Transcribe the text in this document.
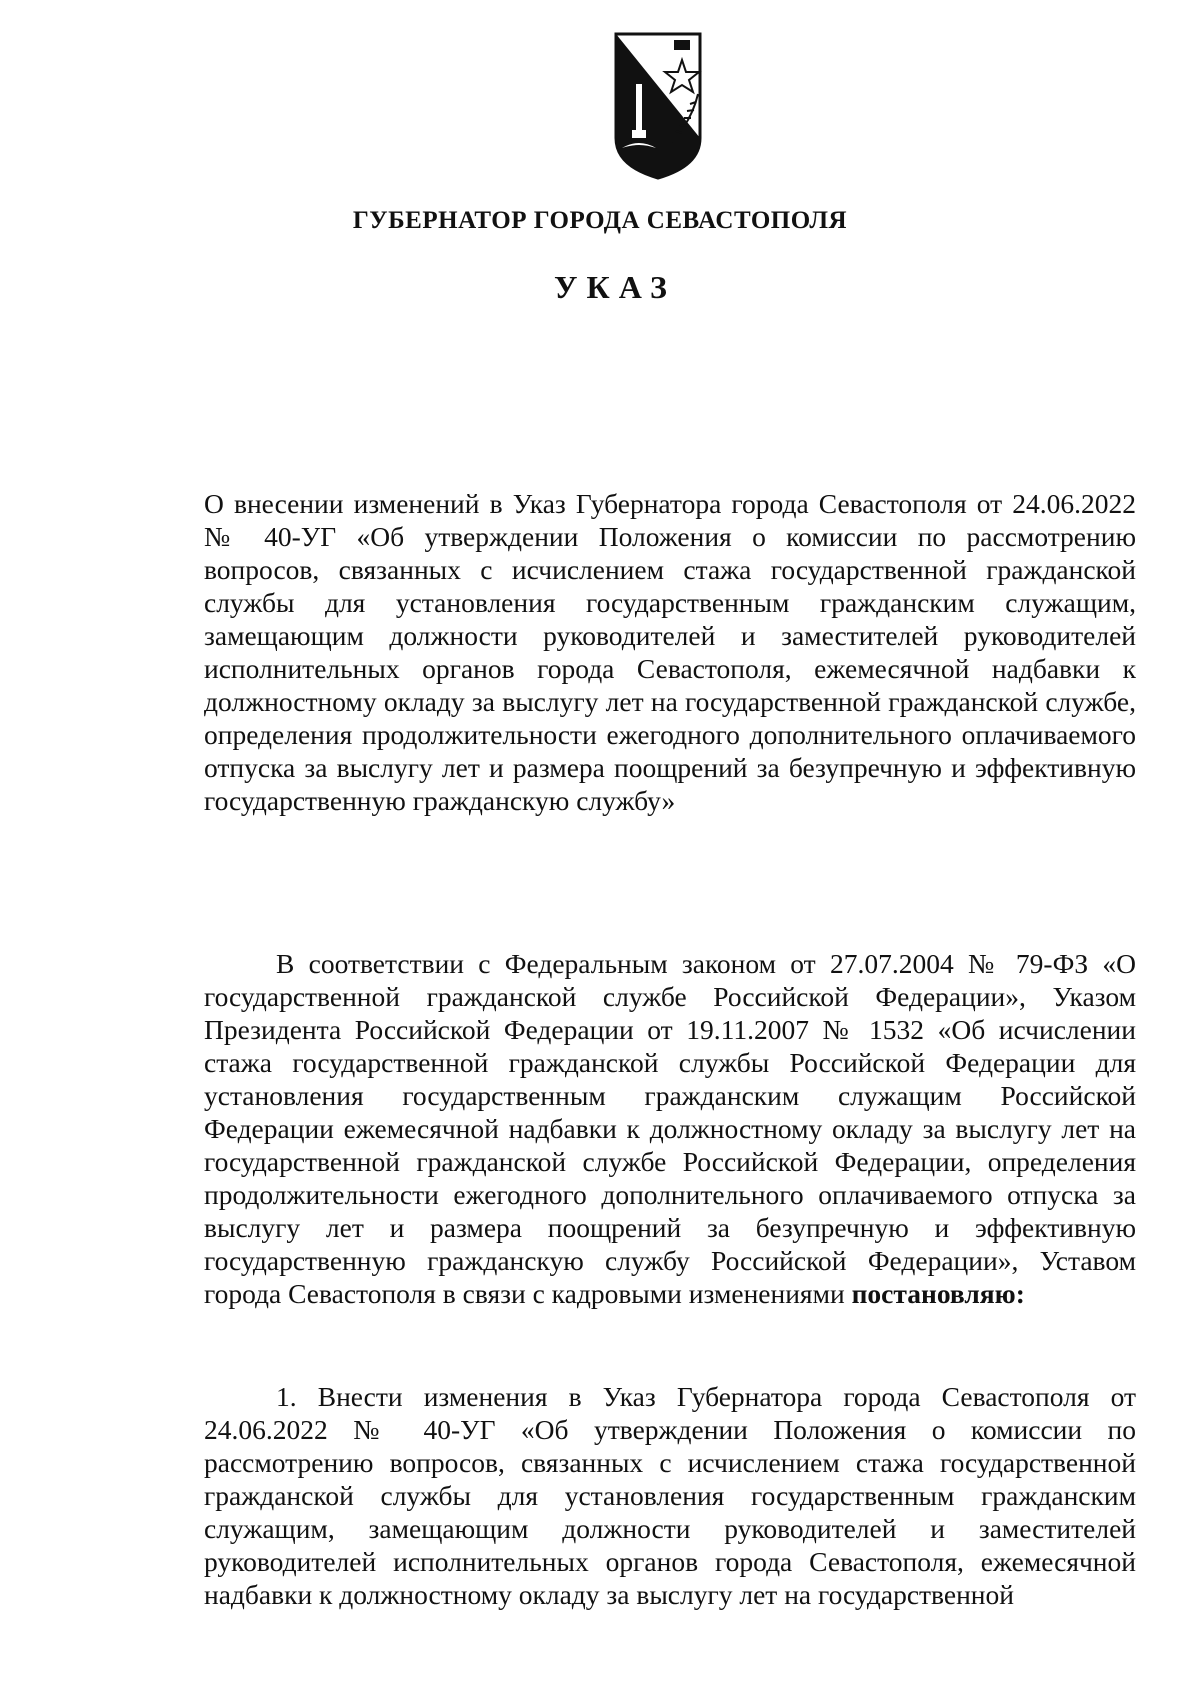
ГУБЕРНАТОР ГОРОДА СЕВАСТОПОЛЯ
УКАЗ
О внесении изменений в Указ Губернатора города Севастополя от 24.06.2022 № 40-УГ «Об утверждении Положения о комиссии по рассмотрению вопросов, связанных с исчислением стажа государственной гражданской службы для установления государственным гражданским служащим, замещающим должности руководителей и заместителей руководителей исполнительных органов города Севастополя, ежемесячной надбавки к должностному окладу за выслугу лет на государственной гражданской службе, определения продолжительности ежегодного дополнительного оплачиваемого отпуска за выслугу лет и размера поощрений за безупречную и эффективную государственную гражданскую службу»
В соответствии с Федеральным законом от 27.07.2004 № 79-ФЗ «О государственной гражданской службе Российской Федерации», Указом Президента Российской Федерации от 19.11.2007 № 1532 «Об исчислении стажа государственной гражданской службы Российской Федерации для установления государственным гражданским служащим Российской Федерации ежемесячной надбавки к должностному окладу за выслугу лет на государственной гражданской службе Российской Федерации, определения продолжительности ежегодного дополнительного оплачиваемого отпуска за выслугу лет и размера поощрений за безупречную и эффективную государственную гражданскую службу Российской Федерации», Уставом города Севастополя в связи с кадровыми изменениями постановляю:
1. Внести изменения в Указ Губернатора города Севастополя от 24.06.2022 № 40-УГ «Об утверждении Положения о комиссии по рассмотрению вопросов, связанных с исчислением стажа государственной гражданской службы для установления государственным гражданским служащим, замещающим должности руководителей и заместителей руководителей исполнительных органов города Севастополя, ежемесячной надбавки к должностному окладу за выслугу лет на государственной
